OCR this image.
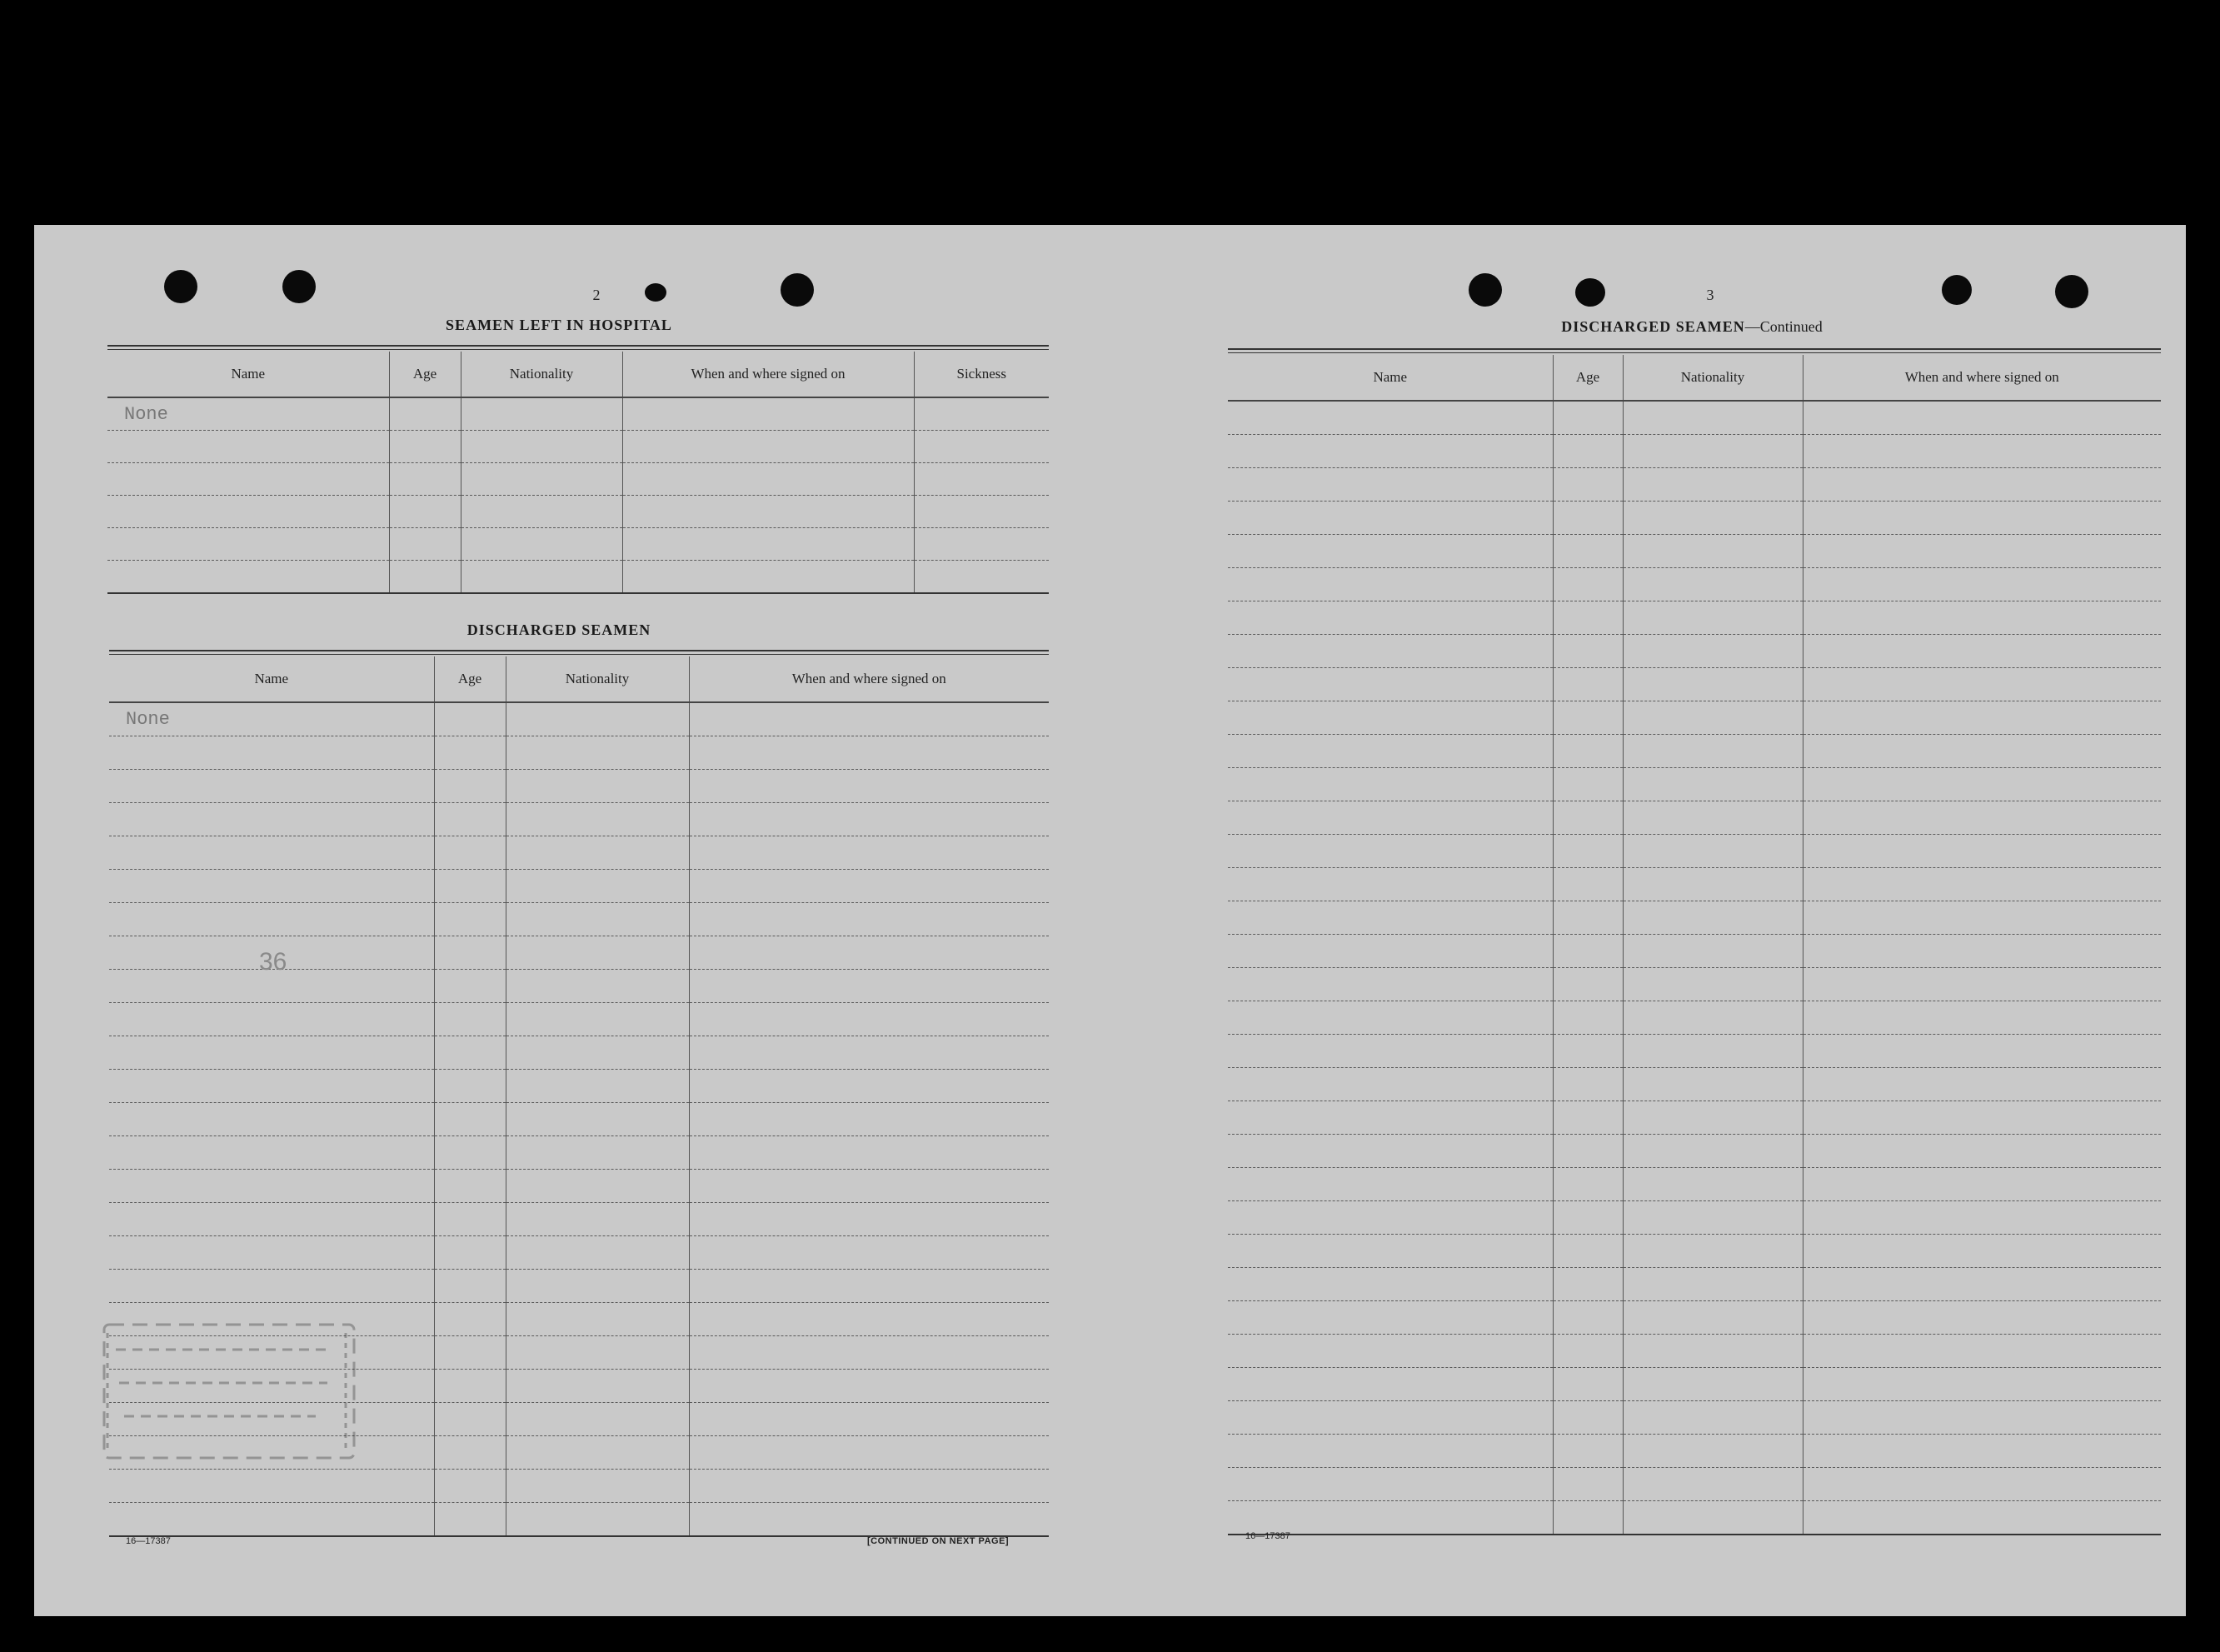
2
SEAMEN LEFT IN HOSPITAL
Name	Age	Nationality	When and where signed on	Sickness
None				

DISCHARGED SEAMEN
Name	Age	Nationality	When and where signed on
None			

36
16—17387	[CONTINUED ON NEXT PAGE]
3
DISCHARGED SEAMEN—Continued
Name	Age	Nationality	When and where signed on

16—17387
